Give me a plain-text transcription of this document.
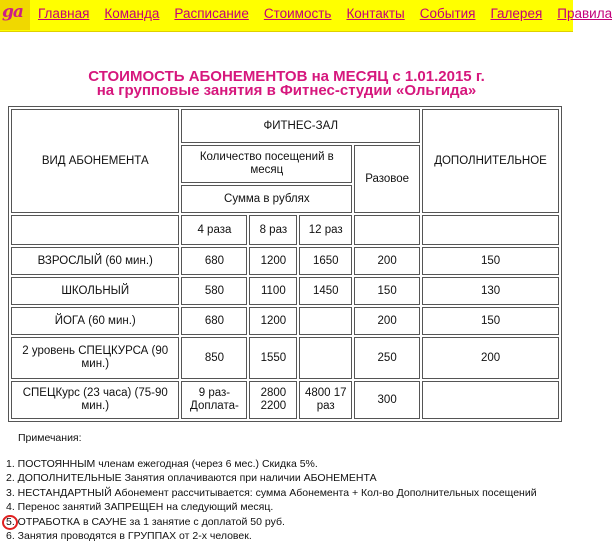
ga Главная Команда Расписание Стоимость Контакты События Галерея Правила
СТОИМОСТЬ АБОНЕМЕНТОВ на МЕСЯЦ с 1.01.2015 г.
на групповые занятия в Фитнес-студии «Ольгида»
ВИД АБОНЕМЕНТА	ФИТНЕС-ЗАЛ				ДОПОЛНИТЕЛЬНОЕ
	Количество посещений в месяц			Разовое	
	Сумма в рублях				
	4 раза	8 раз	12 раз		
ВЗРОСЛЫЙ (60 мин.)	680	1200	1650	200	150
ШКОЛЬНЫЙ	580	1100	1450	150	130
ЙОГА (60 мин.)	680	1200		200	150
2 уровень СПЕЦКУРСА (90 мин.)	850	1550		250	200
СПЕЦКурс (23 часа) (75-90 мин.)	9 раз- Доплата-	2800 2200	4800 17 раз	300	
Примечания:
1. ПОСТОЯННЫМ членам ежегодная (через 6 мес.) Скидка 5%.
2. ДОПОЛНИТЕЛЬНЫЕ Занятия оплачиваются при наличии АБОНЕМЕНТА
3. НЕСТАНДАРТНЫЙ Абонемент рассчитывается: сумма Абонемента + Кол-во Дополнительных посещений
4. Перенос занятий ЗАПРЕЩЕН на следующий месяц.
5. ОТРАБОТКА в САУНЕ за 1 занятие с доплатой 50 руб.
6. Занятия проводятся в ГРУППАХ от 2-х человек.
